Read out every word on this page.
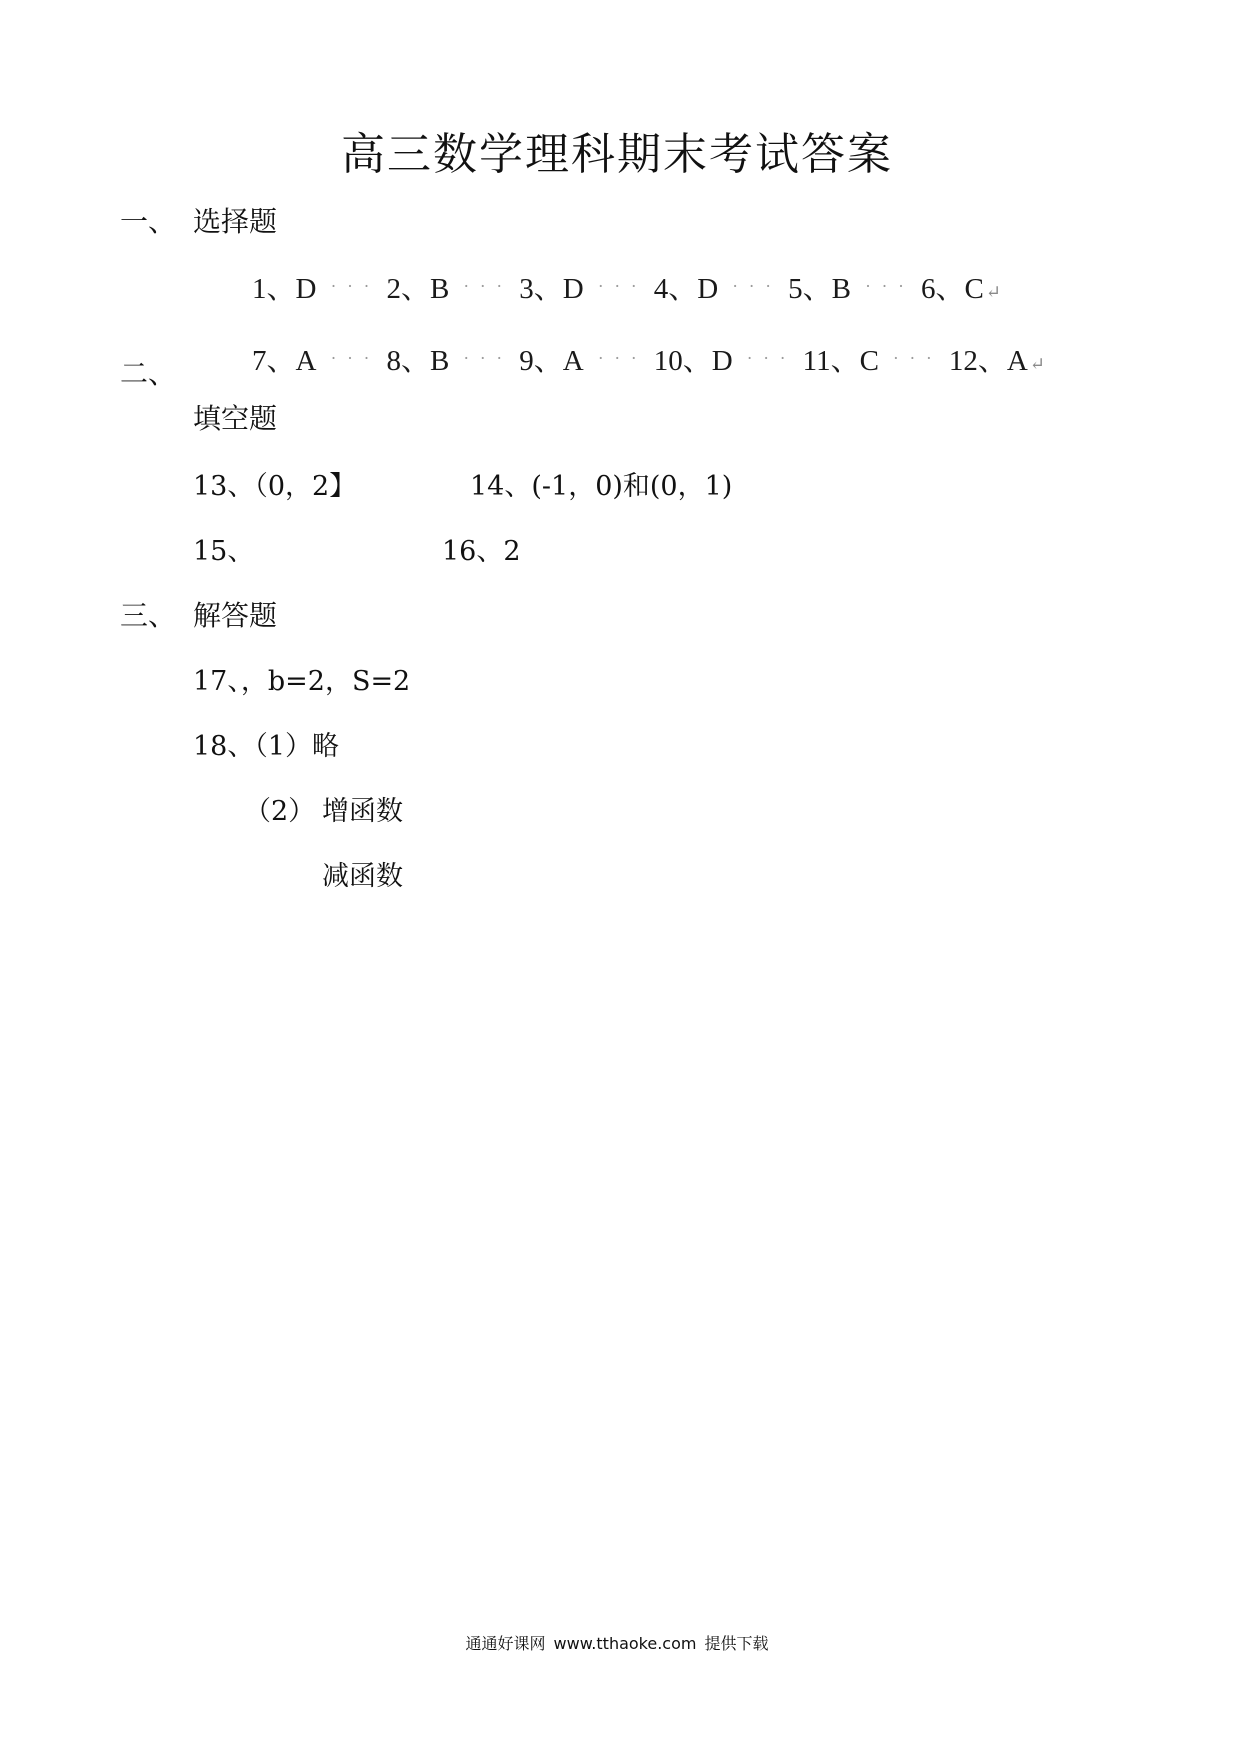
高三数学理科期末考试答案
一、 选择题
1、D · · · 2、B · · · 3、D · · · 4、D · · · 5、B · · · 6、C ↵
二、	7、A · · · 8、B · · · 9、A · · · 10、D · · · 11、C · · · 12、A ↵
填空题
13、（0，2】	14、(-1，0)和(0，1)
15、	16、2
三、 解答题
17、，b=2，S=2
18、（1）略
（2） 增函数
减函数
通通好课网 www.tthaoke.com 提供下载
